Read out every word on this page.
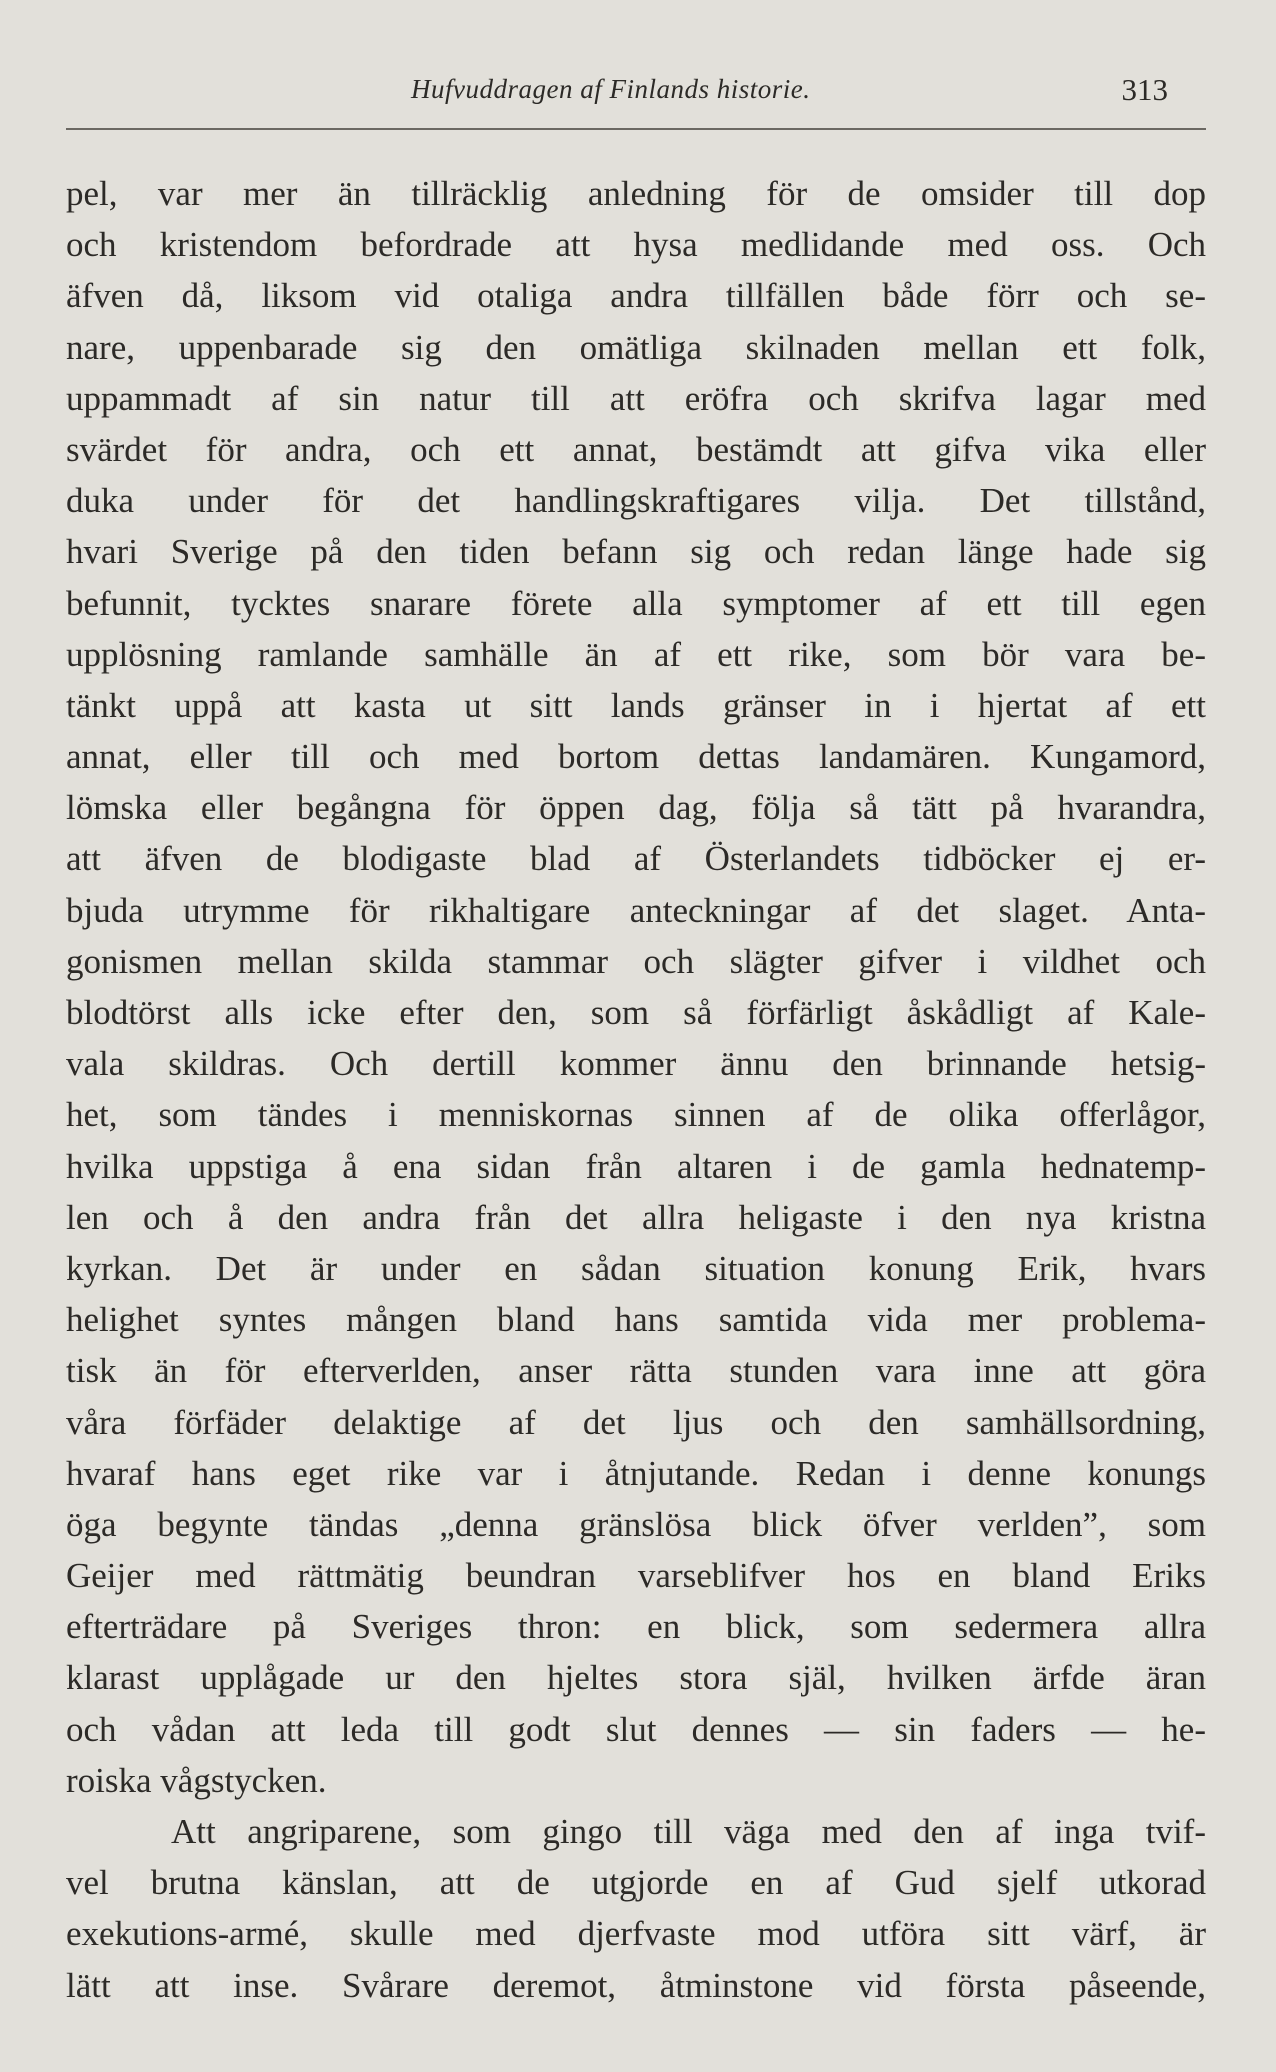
Hufvuddragen af Finlands historie.	313
pel, var mer än tillräcklig anledning för de omsider till dop
och kristendom befordrade att hysa medlidande med oss. Och
äfven då, liksom vid otaliga andra tillfällen både förr och se-
nare, uppenbarade sig den omätliga skilnaden mellan ett folk,
uppammadt af sin natur till att eröfra och skrifva lagar med
svärdet för andra, och ett annat, bestämdt att gifva vika eller
duka under för det handlingskraftigares vilja. Det tillstånd,
hvari Sverige på den tiden befann sig och redan länge hade sig
befunnit, tycktes snarare förete alla symptomer af ett till egen
upplösning ramlande samhälle än af ett rike, som bör vara be-
tänkt uppå att kasta ut sitt lands gränser in i hjertat af ett
annat, eller till och med bortom dettas landamären. Kungamord,
lömska eller begångna för öppen dag, följa så tätt på hvarandra,
att äfven de blodigaste blad af Österlandets tidböcker ej er-
bjuda utrymme för rikhaltigare anteckningar af det slaget. Anta-
gonismen mellan skilda stammar och slägter gifver i vildhet och
blodtörst alls icke efter den, som så förfärligt åskådligt af Kale-
vala skildras. Och dertill kommer ännu den brinnande hetsig-
het, som tändes i menniskornas sinnen af de olika offerlågor,
hvilka uppstiga å ena sidan från altaren i de gamla hednatemp-
len och å den andra från det allra heligaste i den nya kristna
kyrkan. Det är under en sådan situation konung Erik, hvars
helighet syntes mången bland hans samtida vida mer problema-
tisk än för efterverlden, anser rätta stunden vara inne att göra
våra förfäder delaktige af det ljus och den samhällsordning,
hvaraf hans eget rike var i åtnjutande. Redan i denne konungs
öga begynte tändas „denna gränslösa blick öfver verlden”, som
Geijer med rättmätig beundran varseblifver hos en bland Eriks
efterträdare på Sveriges thron: en blick, som sedermera allra
klarast upplågade ur den hjeltes stora själ, hvilken ärfde äran
och vådan att leda till godt slut dennes — sin faders — he-
roiska vågstycken.
Att angriparene, som gingo till väga med den af inga tvif-
vel brutna känslan, att de utgjorde en af Gud sjelf utkorad
exekutions-armé, skulle med djerfvaste mod utföra sitt värf, är
lätt att inse. Svårare deremot, åtminstone vid första påseende,
